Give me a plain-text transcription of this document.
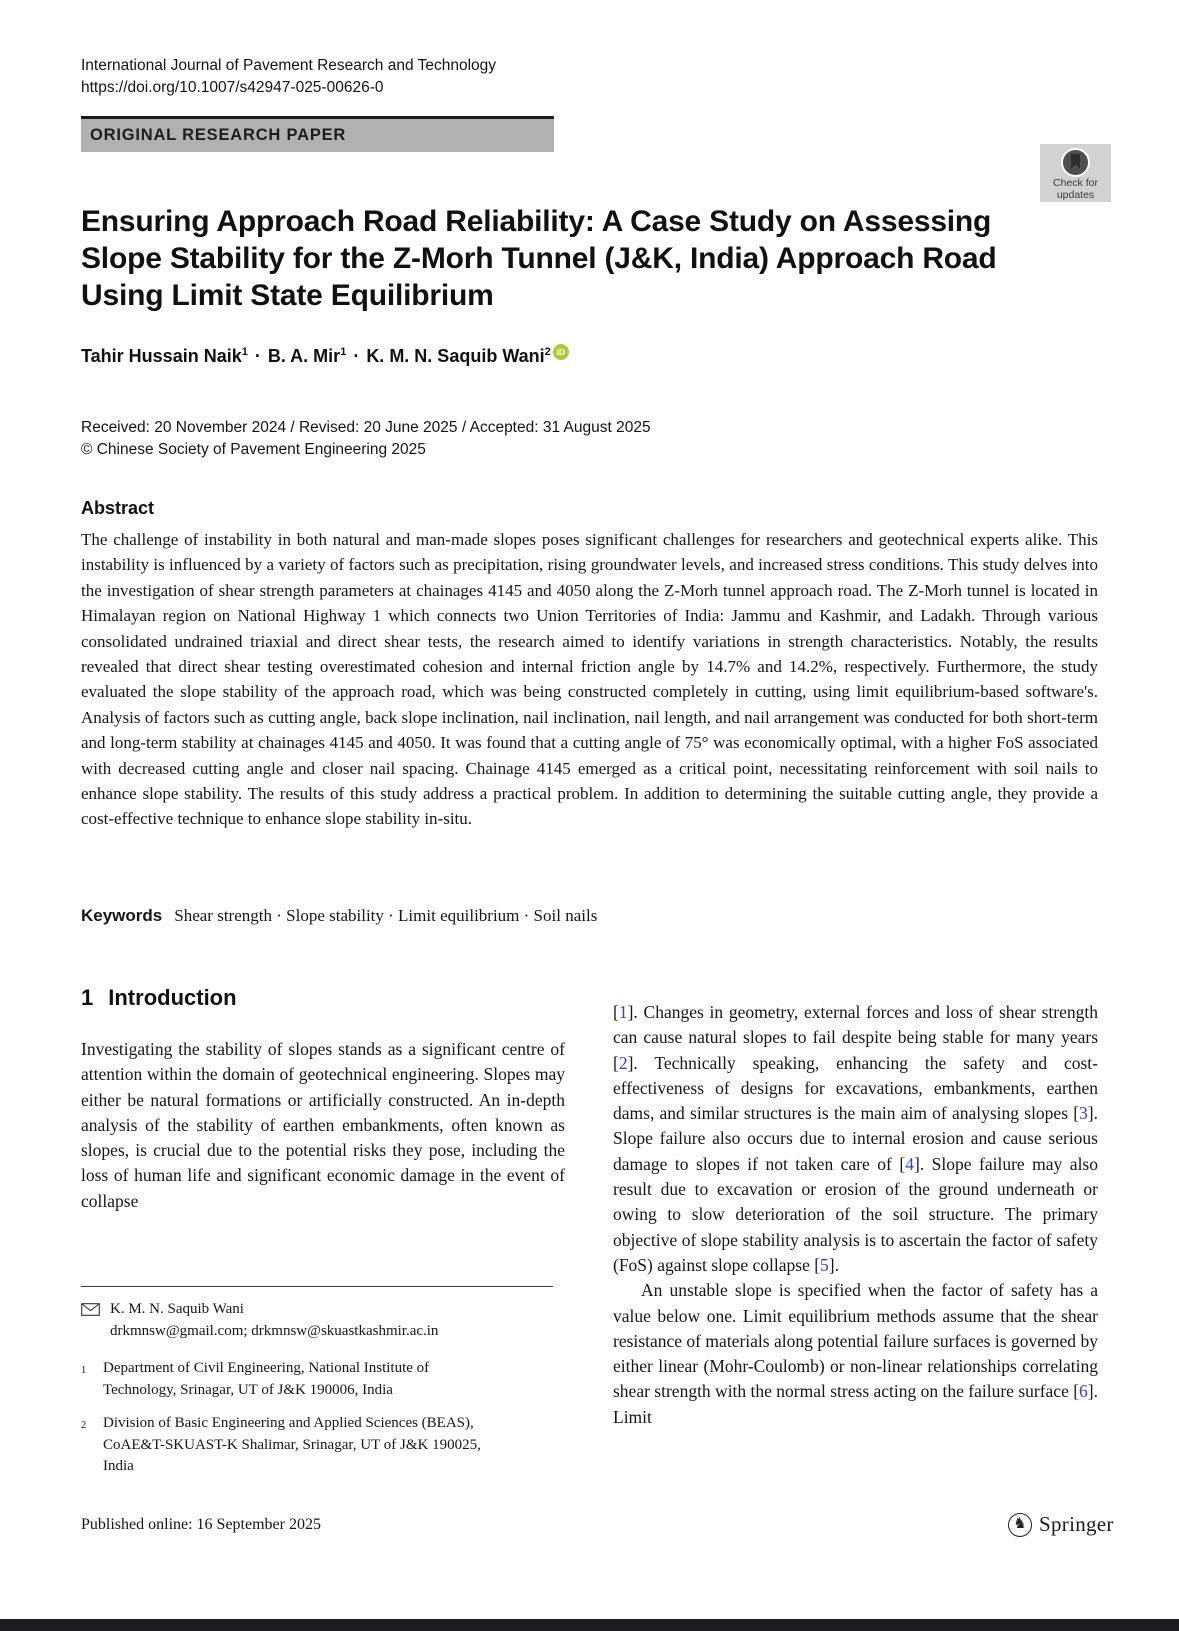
International Journal of Pavement Research and Technology
https://doi.org/10.1007/s42947-025-00626-0
ORIGINAL RESEARCH PAPER
Check for
updates
Ensuring Approach Road Reliability: A Case Study on Assessing Slope Stability for the Z-Morh Tunnel (J&K, India) Approach Road Using Limit State Equilibrium
Tahir Hussain Naik$^1$ · B. A. Mir$^1$ · K. M. N. Saquib Wani$^2$ iD
Received: 20 November 2024 / Revised: 20 June 2025 / Accepted: 31 August 2025
© Chinese Society of Pavement Engineering 2025
Abstract
The challenge of instability in both natural and man-made slopes poses significant challenges for researchers and geotechnical experts alike. This instability is influenced by a variety of factors such as precipitation, rising groundwater levels, and increased stress conditions. This study delves into the investigation of shear strength parameters at chainages 4145 and 4050 along the Z-Morh tunnel approach road. The Z-Morh tunnel is located in Himalayan region on National Highway 1 which connects two Union Territories of India: Jammu and Kashmir, and Ladakh. Through various consolidated undrained triaxial and direct shear tests, the research aimed to identify variations in strength characteristics. Notably, the results revealed that direct shear testing overestimated cohesion and internal friction angle by 14.7% and 14.2%, respectively. Furthermore, the study evaluated the slope stability of the approach road, which was being constructed completely in cutting, using limit equilibrium-based software's. Analysis of factors such as cutting angle, back slope inclination, nail inclination, nail length, and nail arrangement was conducted for both short-term and long-term stability at chainages 4145 and 4050. It was found that a cutting angle of 75° was economically optimal, with a higher FoS associated with decreased cutting angle and closer nail spacing. Chainage 4145 emerged as a critical point, necessitating reinforcement with soil nails to enhance slope stability. The results of this study address a practical problem. In addition to determining the suitable cutting angle, they provide a cost-effective technique to enhance slope stability in-situ.
Keywords Shear strength · Slope stability · Limit equilibrium · Soil nails
1 Introduction

Investigating the stability of slopes stands as a significant centre of attention within the domain of geotechnical engineering. Slopes may either be natural formations or artificially constructed. An in-depth analysis of the stability of earthen embankments, often known as slopes, is crucial due to the potential risks they pose, including the loss of human life and significant economic damage in the event of collapse

[1]. Changes in geometry, external forces and loss of shear strength can cause natural slopes to fail despite being stable for many years [2]. Technically speaking, enhancing the safety and cost-effectiveness of designs for excavations, embankments, earthen dams, and similar structures is the main aim of analysing slopes [3]. Slope failure also occurs due to internal erosion and cause serious damage to slopes if not taken care of [4]. Slope failure may also result due to excavation or erosion of the ground underneath or owing to slow deterioration of the soil structure. The primary objective of slope stability analysis is to ascertain the factor of safety (FoS) against slope collapse [5].

An unstable slope is specified when the factor of safety has a value below one. Limit equilibrium methods assume that the shear resistance of materials along potential failure surfaces is governed by either linear (Mohr-Coulomb) or non-linear relationships correlating shear strength with the normal stress acting on the failure surface [6]. Limit

K. M. N. Saquib Wani
drkmnsw@gmail.com; drkmnsw@skuastkashmir.ac.in
1	Department of Civil Engineering, National Institute of Technology, Srinagar, UT of J&K 190006, India
2	Division of Basic Engineering and Applied Sciences (BEAS), CoAE&T-SKUAST-K Shalimar, Srinagar, UT of J&K 190025, India
Published online: 16 September 2025	♞ Springer
